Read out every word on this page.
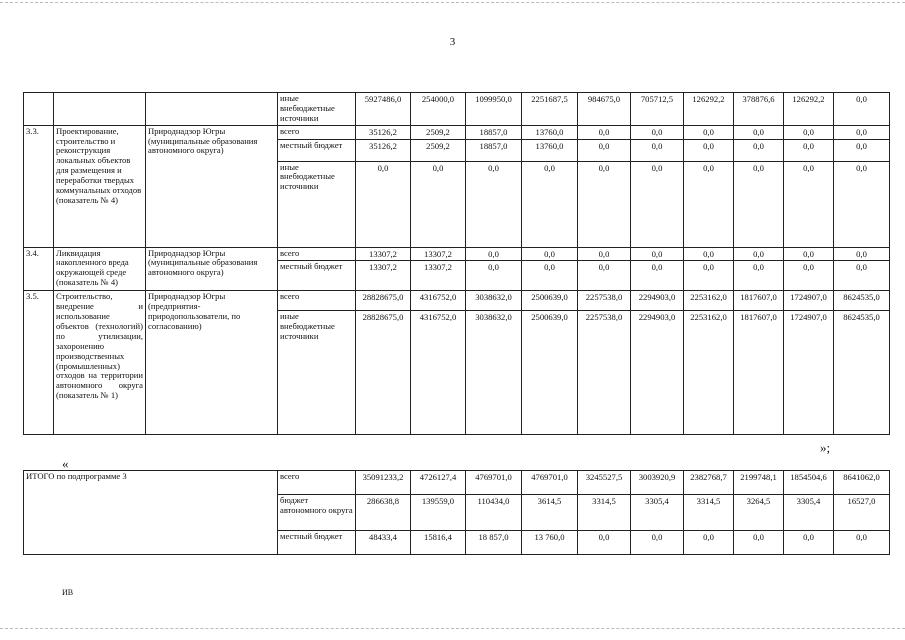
3
			иные внебюджетные источники	5927486,0	254000,0	1099950,0	2251687,5	984675,0	705712,5	126292,2	378876,6	126292,2	0,0
3.3.	Проектирование, строительство и реконструкция локальных объектов для размещения и переработки твердых коммунальных отходов (показатель № 4)	Природнадзор Югры (муниципальные образования автономного округа)	всего	35126,2	2509,2	18857,0	13760,0	0,0	0,0	0,0	0,0	0,0	0,0
			местный бюджет	35126,2	2509,2	18857,0	13760,0	0,0	0,0	0,0	0,0	0,0	0,0
			иные внебюджетные источники	0,0	0,0	0,0	0,0	0,0	0,0	0,0	0,0	0,0	0,0
3.4.	Ликвидация накопленного вреда окружающей среде (показатель № 4)	Природнадзор Югры (муниципальные образования автономного округа)	всего	13307,2	13307,2	0,0	0,0	0,0	0,0	0,0	0,0	0,0	0,0
			местный бюджет	13307,2	13307,2	0,0	0,0	0,0	0,0	0,0	0,0	0,0	0,0
3.5.	Строительство, внедрение и использование объектов (технологий) по утилизации, захоронению производственных (промышленных) отходов на территории автономного округа (показатель № 1)	Природнадзор Югры (предприятия-природопользователи, по согласованию)	всего	28828675,0	4316752,0	3038632,0	2500639,0	2257538,0	2294903,0	2253162,0	1817607,0	1724907,0	8624535,0
			иные внебюджетные источники	28828675,0	4316752,0	3038632,0	2500639,0	2257538,0	2294903,0	2253162,0	1817607,0	1724907,0	8624535,0
»;
«
ИТОГО по подпрограмме 3	всего	35091233,2	4726127,4	4769701,0	4769701,0	3245527,5	3003920,9	2382768,7	2199748,1	1854504,6	8641062,0
	бюджет автономного округа	286638,8	139559,0	110434,0	3614,5	3314,5	3305,4	3314,5	3264,5	3305,4	16527,0
	местный бюджет	48433,4	15816,4	18 857,0	13 760,0	0,0	0,0	0,0	0,0	0,0	0,0
ИВ
